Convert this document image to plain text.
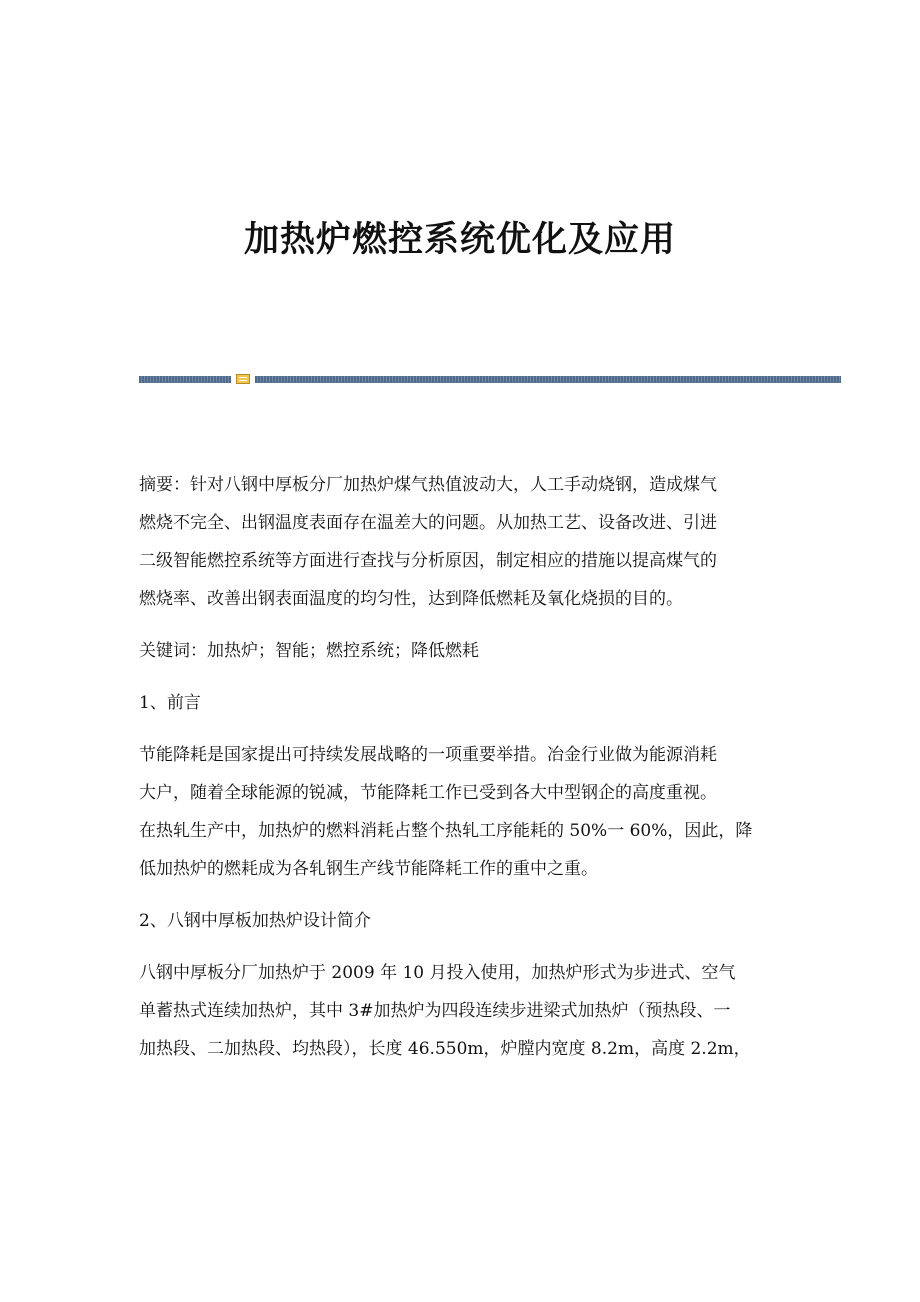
加热炉燃控系统优化及应用
摘要：针对八钢中厚板分厂加热炉煤气热值波动大，人工手动烧钢，造成煤气
燃烧不完全、出钢温度表面存在温差大的问题。从加热工艺、设备改进、引进
二级智能燃控系统等方面进行查找与分析原因，制定相应的措施以提高煤气的
燃烧率、改善出钢表面温度的均匀性，达到降低燃耗及氧化烧损的目的。
关键词：加热炉；智能；燃控系统；降低燃耗
1、前言
节能降耗是国家提出可持续发展战略的一项重要举措。冶金行业做为能源消耗
大户，随着全球能源的锐减，节能降耗工作已受到各大中型钢企的高度重视。
在热轧生产中，加热炉的燃料消耗占整个热轧工序能耗的 50%一 60%，因此，降
低加热炉的燃耗成为各轧钢生产线节能降耗工作的重中之重。
2、八钢中厚板加热炉设计简介
八钢中厚板分厂加热炉于 2009 年 10 月投入使用，加热炉形式为步进式、空气
单蓄热式连续加热炉，其中 3#加热炉为四段连续步进梁式加热炉（预热段、一
加热段、二加热段、均热段），长度 46.550m，炉膛内宽度 8.2m，高度 2.2m，
